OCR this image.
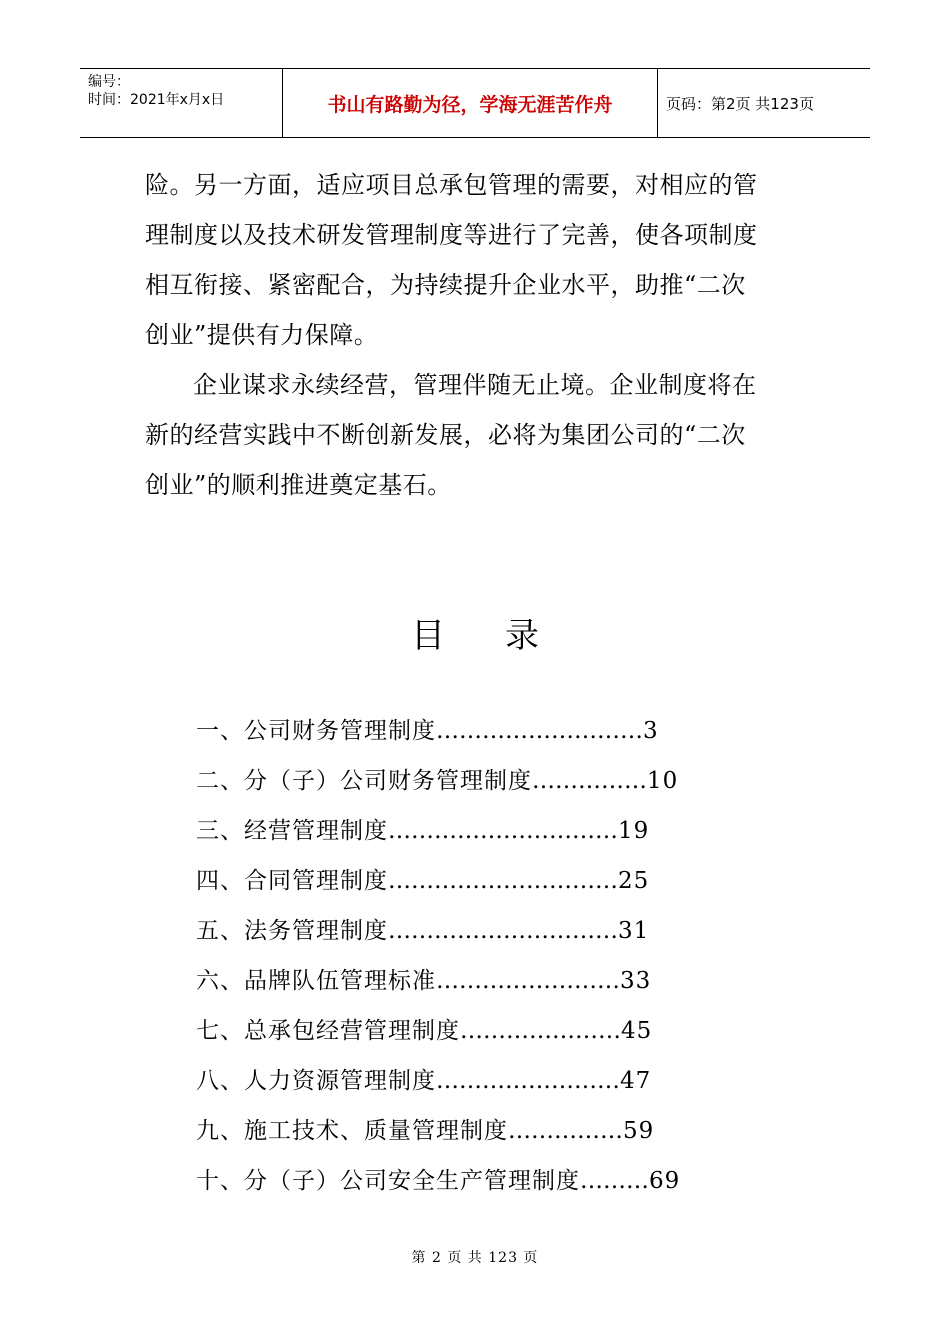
编号：
时间：2021年x月x日	书山有路勤为径，学海无涯苦作舟	页码：第2页 共123页
险。另一方面，适应项目总承包管理的需要，对相应的管
理制度以及技术研发管理制度等进行了完善，使各项制度
相互衔接、紧密配合，为持续提升企业水平，助推“二次
创业”提供有力保障。
企业谋求永续经营，管理伴随无止境。企业制度将在
新的经营实践中不断创新发展，必将为集团公司的“二次
创业”的顺利推进奠定基石。
目录
一、公司财务管理制度………………………3
二、分（子）公司财务管理制度……………10
三、经营管理制度…………………………19
四、合同管理制度…………………………25
五、法务管理制度…………………………31
六、品牌队伍管理标准……………………33
七、总承包经营管理制度…………………45
八、人力资源管理制度……………………47
九、施工技术、质量管理制度……………59
十、分（子）公司安全生产管理制度………69
第 2 页 共 123 页
